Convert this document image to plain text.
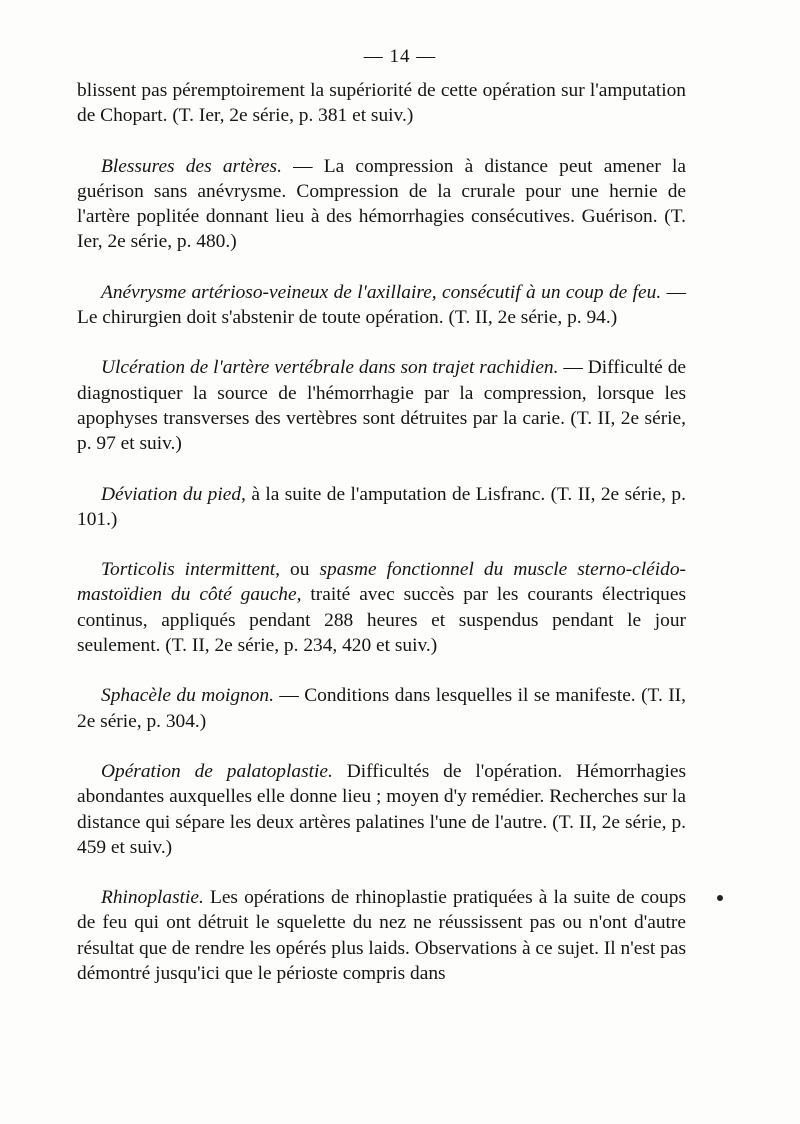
— 14 —

blissent pas péremptoirement la supériorité de cette opération sur l'amputation de Chopart. (T. Ier, 2e série, p. 381 et suiv.)

Blessures des artères. — La compression à distance peut amener la guérison sans anévrysme. Compression de la crurale pour une hernie de l'artère poplitée donnant lieu à des hémorrhagies consécutives. Guérison. (T. Ier, 2e série, p. 480.)

Anévrysme artérioso-veineux de l'axillaire, consécutif à un coup de feu. — Le chirurgien doit s'abstenir de toute opération. (T. II, 2e série, p. 94.)

Ulcération de l'artère vertébrale dans son trajet rachidien. — Difficulté de diagnostiquer la source de l'hémorrhagie par la compression, lorsque les apophyses transverses des vertèbres sont détruites par la carie. (T. II, 2e série, p. 97 et suiv.)

Déviation du pied, à la suite de l'amputation de Lisfranc. (T. II, 2e série, p. 101.)

Torticolis intermittent, ou spasme fonctionnel du muscle sterno-cléido-mastoïdien du côté gauche, traité avec succès par les courants électriques continus, appliqués pendant 288 heures et suspendus pendant le jour seulement. (T. II, 2e série, p. 234, 420 et suiv.)

Sphacèle du moignon. — Conditions dans lesquelles il se manifeste. (T. II, 2e série, p. 304.)

Opération de palatoplastie. Difficultés de l'opération. Hémorrhagies abondantes auxquelles elle donne lieu ; moyen d'y remédier. Recherches sur la distance qui sépare les deux artères palatines l'une de l'autre. (T. II, 2e série, p. 459 et suiv.)

Rhinoplastie. Les opérations de rhinoplastie pratiquées à la suite de coups de feu qui ont détruit le squelette du nez ne réussissent pas ou n'ont d'autre résultat que de rendre les opérés plus laids. Observations à ce sujet. Il n'est pas démontré jusqu'ici que le périoste compris dans
